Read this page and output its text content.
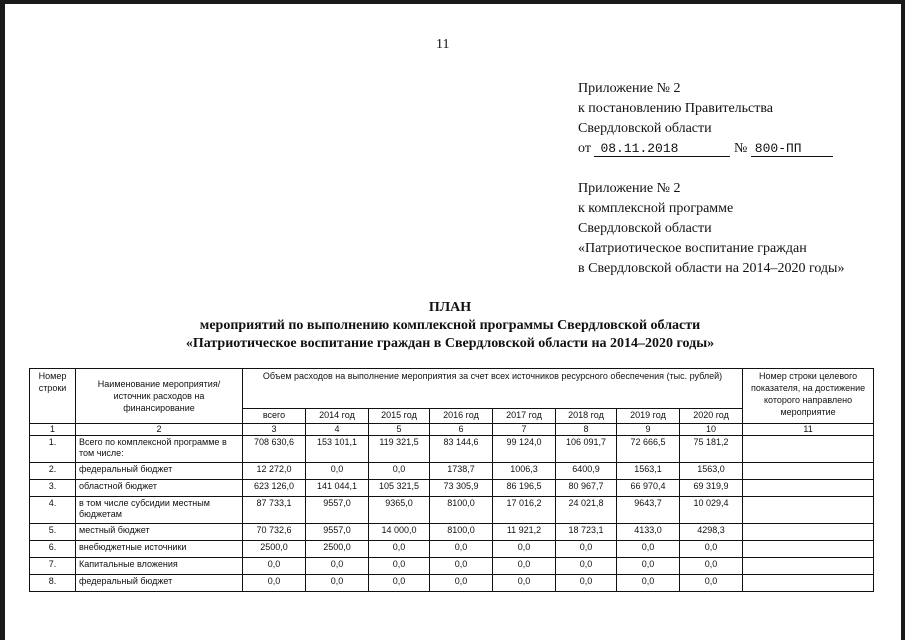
11
Приложение № 2
к постановлению Правительства
Свердловской области
от 08.11.2018	№ 800-ПП
Приложение № 2
к комплексной программе
Свердловской области
«Патриотическое воспитание граждан
в Свердловской области на 2014–2020 годы»
ПЛАН
мероприятий по выполнению комплексной программы Свердловской области
«Патриотическое воспитание граждан в Свердловской области на 2014–2020 годы»
Номер строки	Наименование мероприятия/ источник расходов на финансирование	Объем расходов на выполнение мероприятия за счет всех источников ресурсного обеспечения (тыс. рублей)								Номер строки целевого показателя, на достижение которого направлено мероприятие
		всего	2014 год	2015 год	2016 год	2017 год	2018 год	2019 год	2020 год	
1	2	3	4	5	6	7	8	9	10	11
1.	Всего по комплексной программе в том числе:	708 630,6	153 101,1	119 321,5	83 144,6	99 124,0	106 091,7	72 666,5	75 181,2	
2.	федеральный бюджет	12 272,0	0,0	0,0	1738,7	1006,3	6400,9	1563,1	1563,0	
3.	областной бюджет	623 126,0	141 044,1	105 321,5	73 305,9	86 196,5	80 967,7	66 970,4	69 319,9	
4.	в том числе субсидии местным бюджетам	87 733,1	9557,0	9365,0	8100,0	17 016,2	24 021,8	9643,7	10 029,4	
5.	местный бюджет	70 732,6	9557,0	14 000,0	8100,0	11 921,2	18 723,1	4133,0	4298,3	
6.	внебюджетные источники	2500,0	2500,0	0,0	0,0	0,0	0,0	0,0	0,0	
7.	Капитальные вложения	0,0	0,0	0,0	0,0	0,0	0,0	0,0	0,0	
8.	федеральный бюджет	0,0	0,0	0,0	0,0	0,0	0,0	0,0	0,0	
